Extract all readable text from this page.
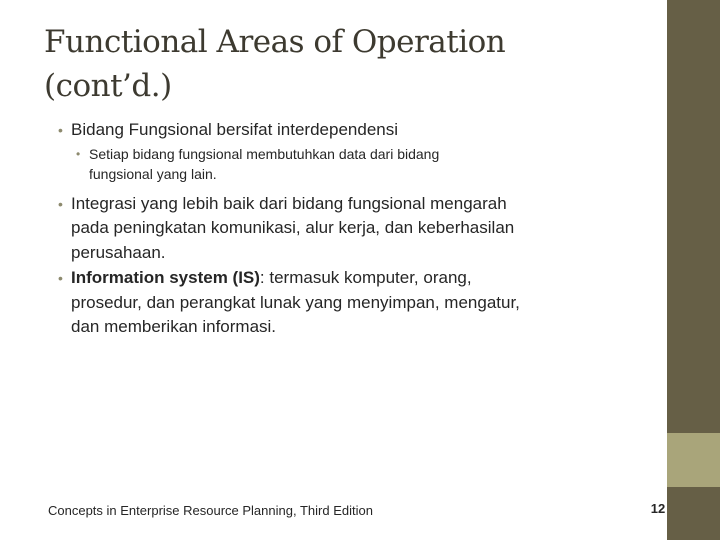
Functional Areas of Operation
(cont’d.)
• Bidang Fungsional bersifat interdependensi
• Setiap bidang fungsional membutuhkan data dari bidang
fungsional yang lain.
• Integrasi yang lebih baik dari bidang fungsional mengarah
pada peningkatan komunikasi, alur kerja, dan keberhasilan
perusahaan.
• Information system (IS): termasuk komputer, orang,
prosedur, dan perangkat lunak yang menyimpan, mengatur,
dan memberikan informasi.
Concepts in Enterprise Resource Planning, Third Edition	12
